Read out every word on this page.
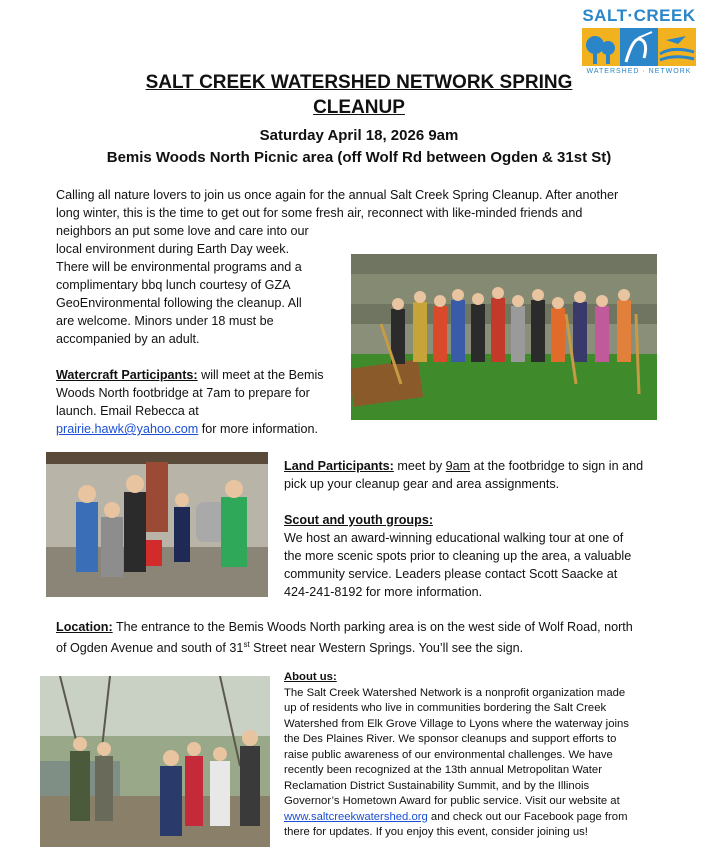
SALT·CREEK
WATERSHED · NETWORK
SALT CREEK WATERSHED NETWORK SPRING
CLEANUP
Saturday April 18, 2026 9am
Bemis Woods North Picnic area (off Wolf Rd between Ogden & 31st St)

Calling all nature lovers to join us once again for the annual Salt Creek Spring Cleanup. After another

long winter, this is the time to get out for some fresh air, reconnect with like-minded friends and

neighbors an put some love and care into our

local environment during Earth Day week.

There will be environmental programs and a

complimentary bbq lunch courtesy of GZA

GeoEnvironmental following the cleanup. All

are welcome. Minors under 18 must be

accompanied by an adult.

Watercraft Participants: will meet at the Bemis

Woods North footbridge at 7am to prepare for

launch. Email Rebecca at

prairie.hawk@yahoo.com for more information.

Land Participants: meet by 9am at the footbridge to sign in and

pick up your cleanup gear and area assignments.

Scout and youth groups:

We host an award-winning educational walking tour at one of

the more scenic spots prior to cleaning up the area, a valuable

community service. Leaders please contact Scott Saacke at

424-241-8192 for more information.

Location: The entrance to the Bemis Woods North parking area is on the west side of Wolf Road, north

of Ogden Avenue and south of 31st Street near Western Springs. You’ll see the sign.

About us:

The Salt Creek Watershed Network is a nonprofit organization made

up of residents who live in communities bordering the Salt Creek

Watershed from Elk Grove Village to Lyons where the waterway joins

the Des Plaines River. We sponsor cleanups and support efforts to

raise public awareness of our environmental challenges. We have

recently been recognized at the 13th annual Metropolitan Water

Reclamation District Sustainability Summit, and by the Illinois

Governor’s Hometown Award for public service. Visit our website at

www.saltcreekwatershed.org and check out our Facebook page from

there for updates. If you enjoy this event, consider joining us!
